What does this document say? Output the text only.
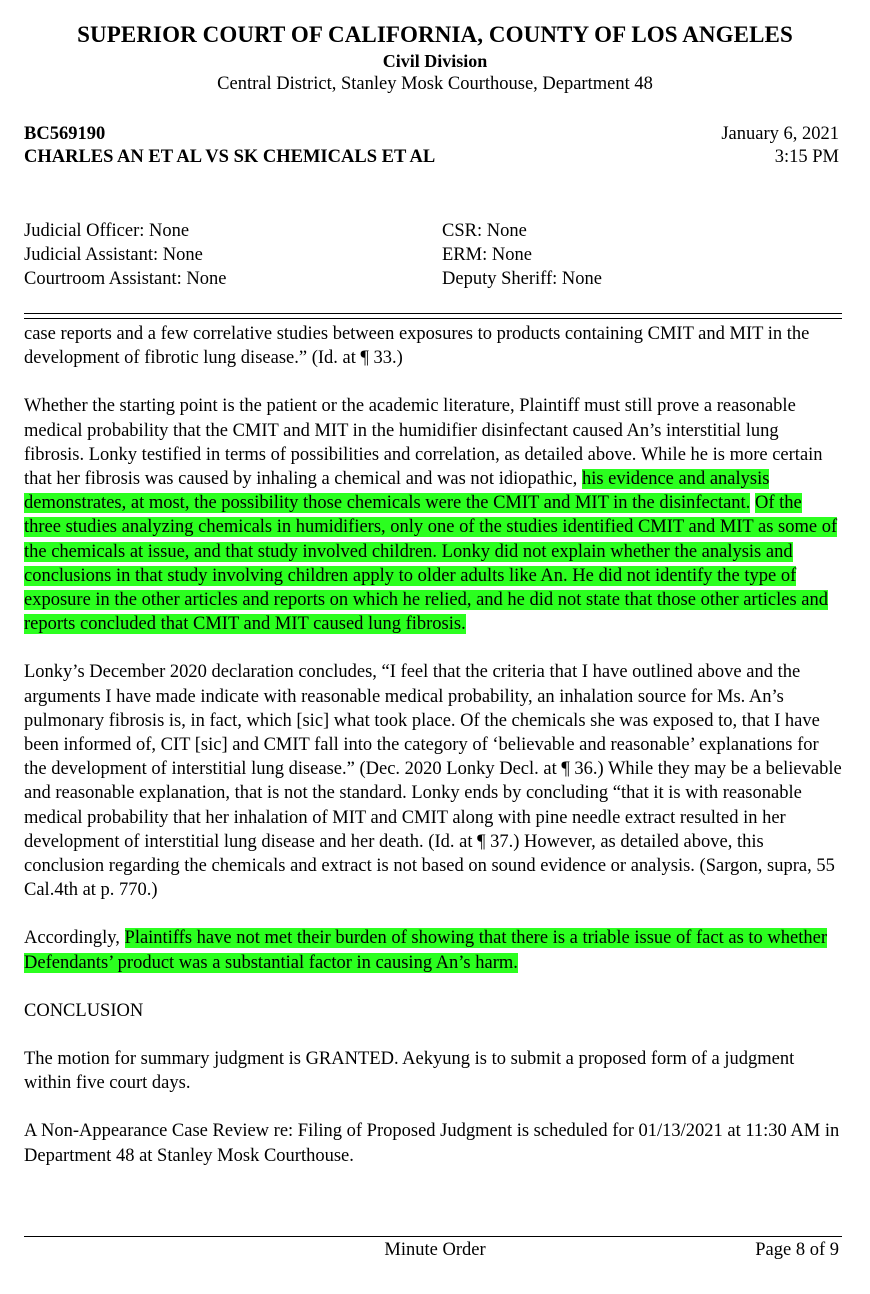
SUPERIOR COURT OF CALIFORNIA, COUNTY OF LOS ANGELES
Civil Division
Central District, Stanley Mosk Courthouse, Department 48
BC569190
CHARLES AN ET AL VS SK CHEMICALS ET AL
January 6, 2021
3:15 PM
Judicial Officer: None
Judicial Assistant: None
Courtroom Assistant: None
CSR: None
ERM: None
Deputy Sheriff: None

case reports and a few correlative studies between exposures to products containing CMIT and MIT in the development of fibrotic lung disease.” (Id. at ¶ 33.)

Whether the starting point is the patient or the academic literature, Plaintiff must still prove a reasonable medical probability that the CMIT and MIT in the humidifier disinfectant caused An’s interstitial lung fibrosis. Lonky testified in terms of possibilities and correlation, as detailed above. While he is more certain that her fibrosis was caused by inhaling a chemical and was not idiopathic, his evidence and analysis demonstrates, at most, the possibility those chemicals were the CMIT and MIT in the disinfectant. Of the three studies analyzing chemicals in humidifiers, only one of the studies identified CMIT and MIT as some of the chemicals at issue, and that study involved children. Lonky did not explain whether the analysis and conclusions in that study involving children apply to older adults like An. He did not identify the type of exposure in the other articles and reports on which he relied, and he did not state that those other articles and reports concluded that CMIT and MIT caused lung fibrosis.

Lonky’s December 2020 declaration concludes, “I feel that the criteria that I have outlined above and the arguments I have made indicate with reasonable medical probability, an inhalation source for Ms. An’s pulmonary fibrosis is, in fact, which [sic] what took place. Of the chemicals she was exposed to, that I have been informed of, CIT [sic] and CMIT fall into the category of ‘believable and reasonable’ explanations for the development of interstitial lung disease.” (Dec. 2020 Lonky Decl. at ¶ 36.) While they may be a believable and reasonable explanation, that is not the standard. Lonky ends by concluding “that it is with reasonable medical probability that her inhalation of MIT and CMIT along with pine needle extract resulted in her development of interstitial lung disease and her death. (Id. at ¶ 37.) However, as detailed above, this conclusion regarding the chemicals and extract is not based on sound evidence or analysis. (Sargon, supra, 55 Cal.4th at p. 770.)

Accordingly, Plaintiffs have not met their burden of showing that there is a triable issue of fact as to whether Defendants’ product was a substantial factor in causing An’s harm.

CONCLUSION

The motion for summary judgment is GRANTED. Aekyung is to submit a proposed form of a judgment within five court days.

A Non-Appearance Case Review re: Filing of Proposed Judgment is scheduled for 01/13/2021 at 11:30 AM in Department 48 at Stanley Mosk Courthouse.

Minute Order	Page 8 of 9
